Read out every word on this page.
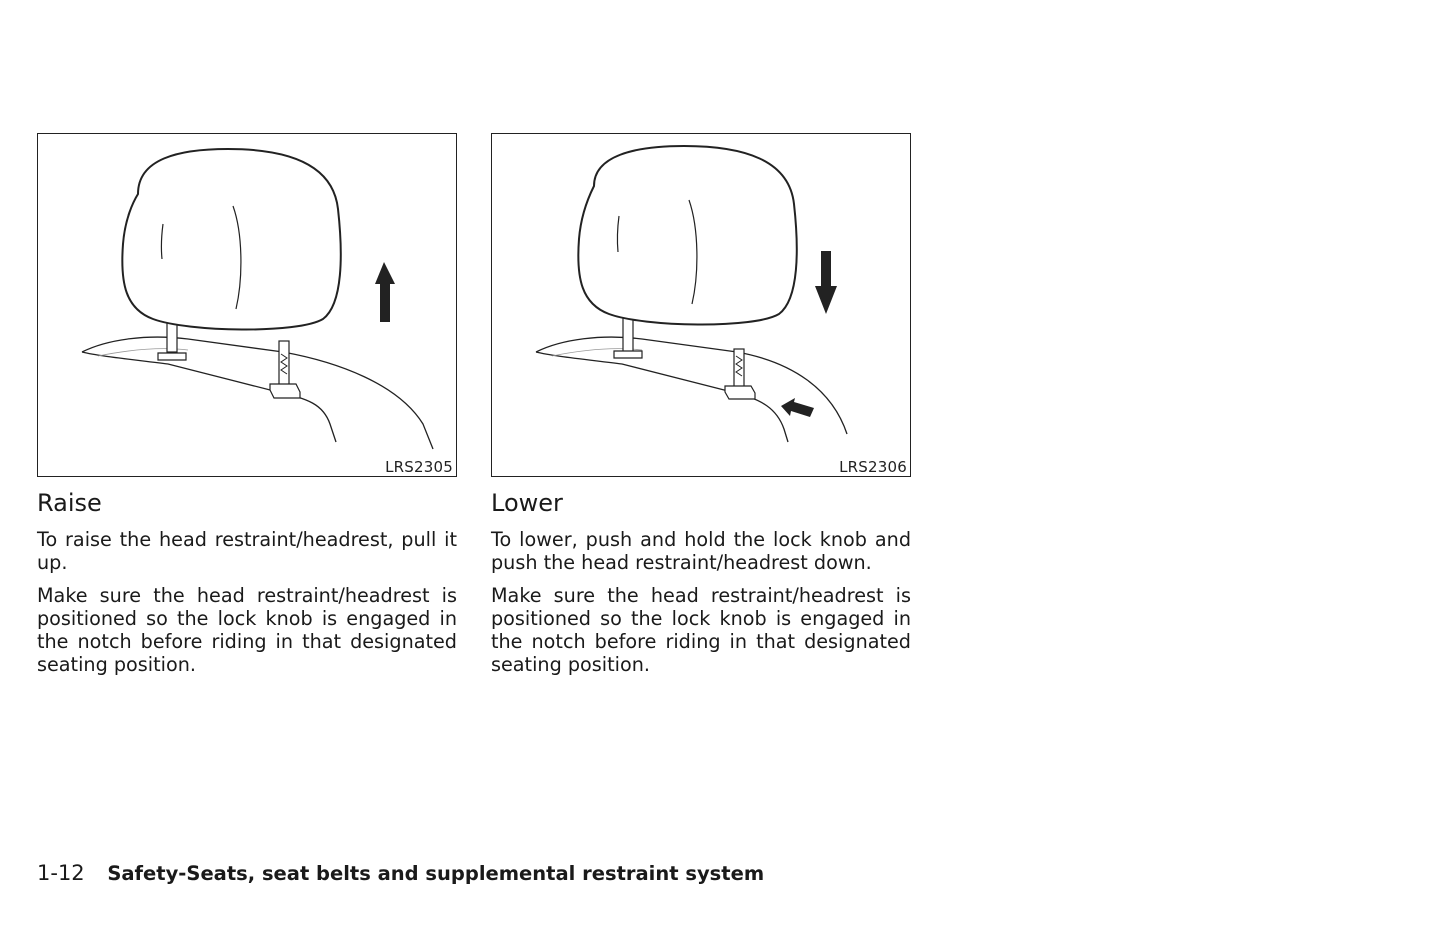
LRS2305
Raise
To raise the head restraint/headrest, pull it up.
Make sure the head restraint/headrest is positioned so the lock knob is engaged in the notch before riding in that designated seating position.
LRS2306
Lower
To lower, push and hold the lock knob and push the head restraint/headrest down.
Make sure the head restraint/headrest is positioned so the lock knob is engaged in the notch before riding in that designated seating position.
1-12 Safety-Seats, seat belts and supplemental restraint system
